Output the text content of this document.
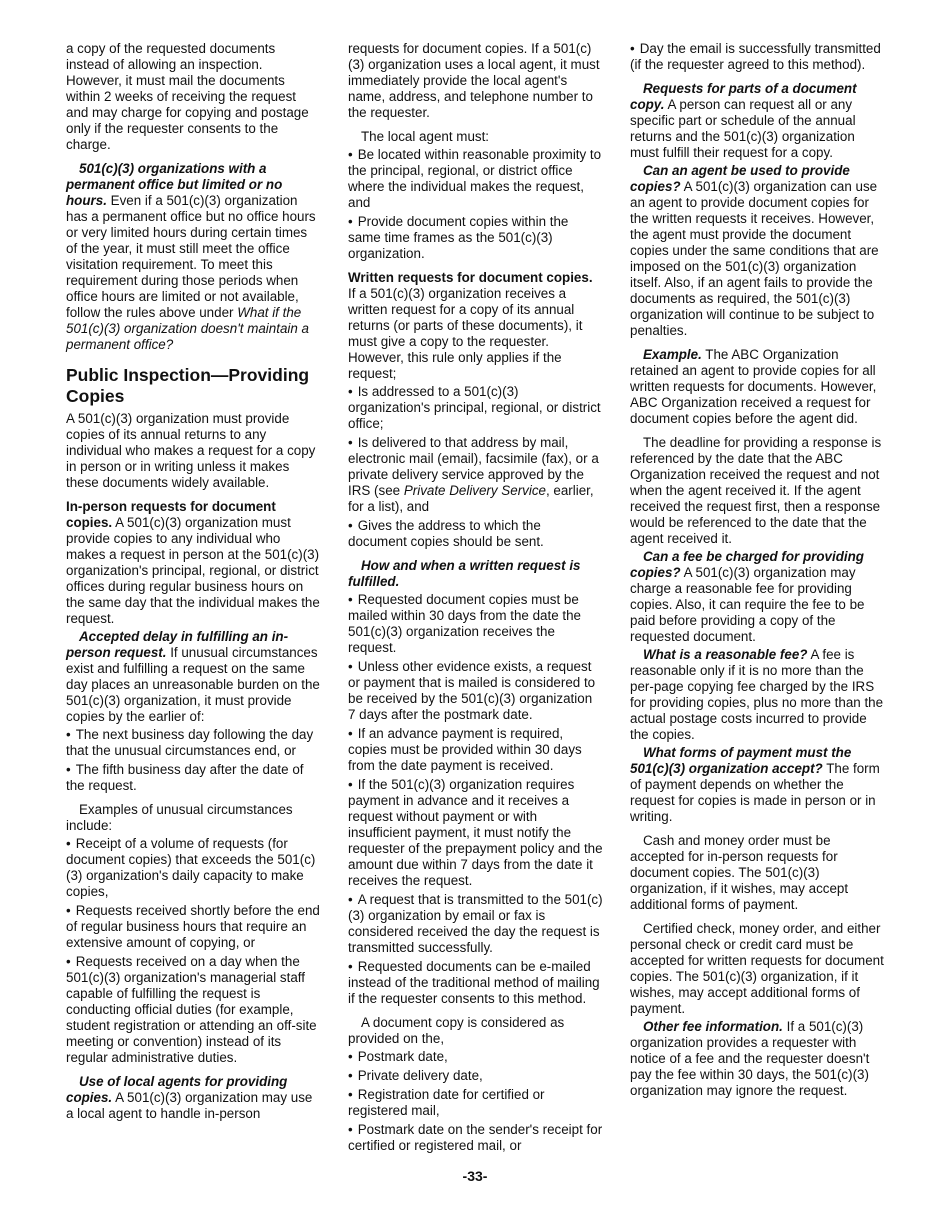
a copy of the requested documents instead of allowing an inspection. However, it must mail the documents within 2 weeks of receiving the request and may charge for copying and postage only if the requester consents to the charge.

501(c)(3) organizations with a permanent office but limited or no hours. Even if a 501(c)(3) organization has a permanent office but no office hours or very limited hours during certain times of the year, it must still meet the office visitation requirement. To meet this requirement during those periods when office hours are limited or not available, follow the rules above under What if the 501(c)(3) organization doesn't maintain a permanent office?

Public Inspection—Providing Copies

A 501(c)(3) organization must provide copies of its annual returns to any individual who makes a request for a copy in person or in writing unless it makes these documents widely available.

In-person requests for document copies. A 501(c)(3) organization must provide copies to any individual who makes a request in person at the 501(c)(3) organization's principal, regional, or district offices during regular business hours on the same day that the individual makes the request.

Accepted delay in fulfilling an in-person request. If unusual circumstances exist and fulfilling a request on the same day places an unreasonable burden on the 501(c)(3) organization, it must provide copies by the earlier of:

• The next business day following the day that the unusual circumstances end, or
• The fifth business day after the date of the request.

Examples of unusual circumstances include:

• Receipt of a volume of requests (for document copies) that exceeds the 501(c)(3) organization's daily capacity to make copies,
• Requests received shortly before the end of regular business hours that require an extensive amount of copying, or
• Requests received on a day when the 501(c)(3) organization's managerial staff capable of fulfilling the request is conducting official duties (for example, student registration or attending an off-site meeting or convention) instead of its regular administrative duties.

Use of local agents for providing copies. A 501(c)(3) organization may use a local agent to handle in-person

requests for document copies. If a 501(c)(3) organization uses a local agent, it must immediately provide the local agent's name, address, and telephone number to the requester.

The local agent must:

• Be located within reasonable proximity to the principal, regional, or district office where the individual makes the request, and
• Provide document copies within the same time frames as the 501(c)(3) organization.

Written requests for document copies. If a 501(c)(3) organization receives a written request for a copy of its annual returns (or parts of these documents), it must give a copy to the requester. However, this rule only applies if the request;

• Is addressed to a 501(c)(3) organization's principal, regional, or district office;
• Is delivered to that address by mail, electronic mail (email), facsimile (fax), or a private delivery service approved by the IRS (see Private Delivery Service, earlier, for a list), and
• Gives the address to which the document copies should be sent.

How and when a written request is fulfilled.

• Requested document copies must be mailed within 30 days from the date the 501(c)(3) organization receives the request.
• Unless other evidence exists, a request or payment that is mailed is considered to be received by the 501(c)(3) organization 7 days after the postmark date.
• If an advance payment is required, copies must be provided within 30 days from the date payment is received.
• If the 501(c)(3) organization requires payment in advance and it receives a request without payment or with insufficient payment, it must notify the requester of the prepayment policy and the amount due within 7 days from the date it receives the request.
• A request that is transmitted to the 501(c)(3) organization by email or fax is considered received the day the request is transmitted successfully.
• Requested documents can be e-mailed instead of the traditional method of mailing if the requester consents to this method.

A document copy is considered as provided on the,

• Postmark date,
• Private delivery date,
• Registration date for certified or registered mail,
• Postmark date on the sender's receipt for certified or registered mail, or
• Day the email is successfully transmitted (if the requester agreed to this method).

Requests for parts of a document copy. A person can request all or any specific part or schedule of the annual returns and the 501(c)(3) organization must fulfill their request for a copy.

Can an agent be used to provide copies? A 501(c)(3) organization can use an agent to provide document copies for the written requests it receives. However, the agent must provide the document copies under the same conditions that are imposed on the 501(c)(3) organization itself. Also, if an agent fails to provide the documents as required, the 501(c)(3) organization will continue to be subject to penalties.

Example. The ABC Organization retained an agent to provide copies for all written requests for documents. However, ABC Organization received a request for document copies before the agent did.

The deadline for providing a response is referenced by the date that the ABC Organization received the request and not when the agent received it. If the agent received the request first, then a response would be referenced to the date that the agent received it.

Can a fee be charged for providing copies? A 501(c)(3) organization may charge a reasonable fee for providing copies. Also, it can require the fee to be paid before providing a copy of the requested document.

What is a reasonable fee? A fee is reasonable only if it is no more than the per-page copying fee charged by the IRS for providing copies, plus no more than the actual postage costs incurred to provide the copies.

What forms of payment must the 501(c)(3) organization accept? The form of payment depends on whether the request for copies is made in person or in writing.

Cash and money order must be accepted for in-person requests for document copies. The 501(c)(3) organization, if it wishes, may accept additional forms of payment.

Certified check, money order, and either personal check or credit card must be accepted for written requests for document copies. The 501(c)(3) organization, if it wishes, may accept additional forms of payment.

Other fee information. If a 501(c)(3) organization provides a requester with notice of a fee and the requester doesn't pay the fee within 30 days, the 501(c)(3) organization may ignore the request.

-33-
